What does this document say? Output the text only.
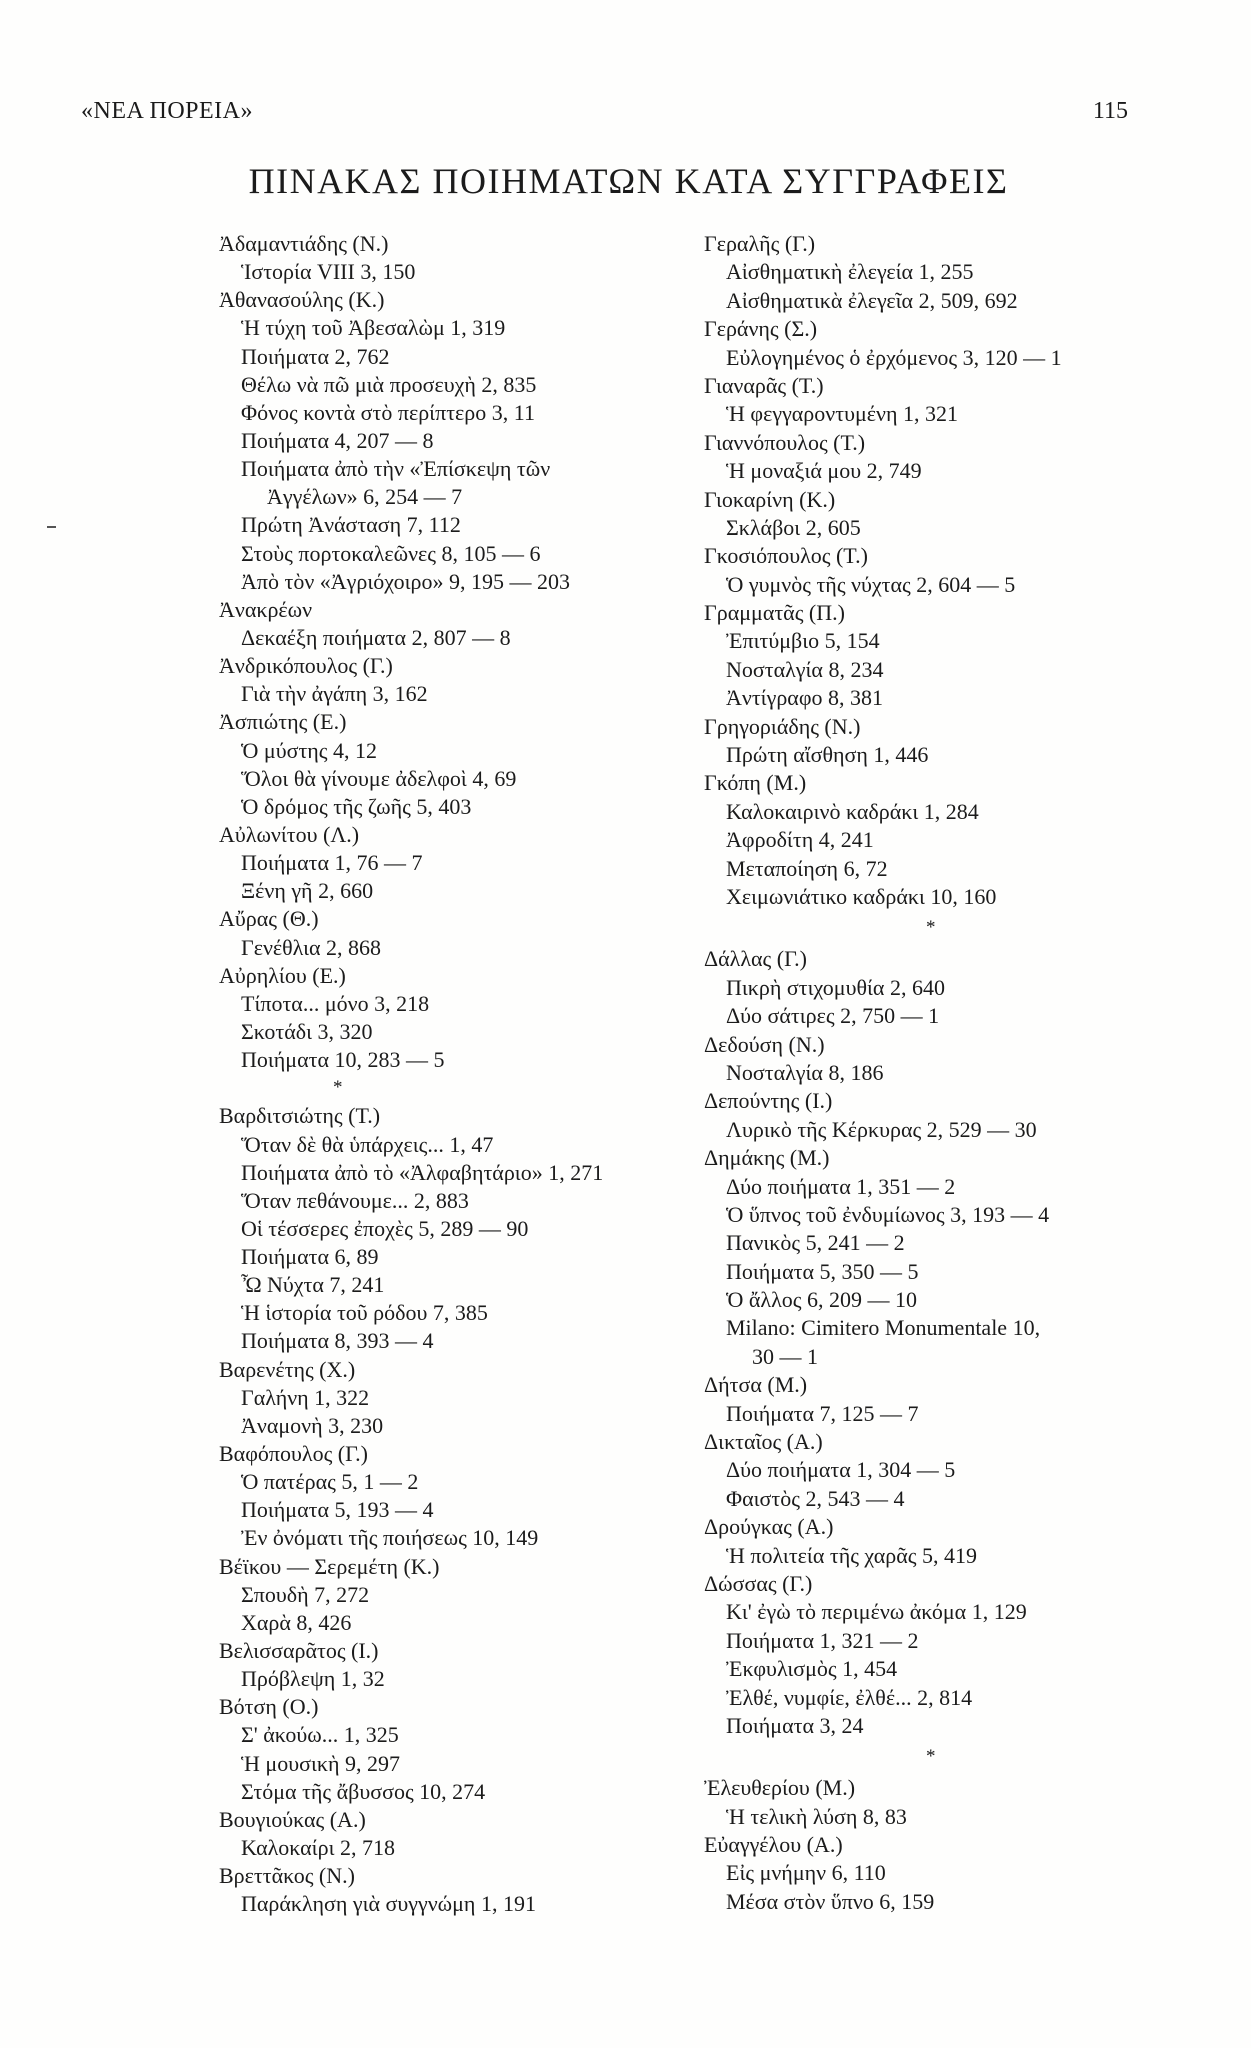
«ΝΕΑ ΠΟΡΕΙΑ»	115
ΠΙΝΑΚΑΣ ΠΟΙΗΜΑΤΩΝ ΚΑΤΑ ΣΥΓΓΡΑΦΕΙΣ
Ἀδαμαντιάδης (Ν.)
Ἱστορία VIII 3, 150
Ἀθανασούλης (Κ.)
Ἡ τύχη τοῦ Ἀβεσαλὼμ 1, 319
Ποιήματα 2, 762
Θέλω νὰ πῶ μιὰ προσευχὴ 2, 835
Φόνος κοντὰ στὸ περίπτερο 3, 11
Ποιήματα 4, 207 — 8
Ποιήματα ἀπὸ τὴν «Ἐπίσκεψη τῶν
Ἀγγέλων» 6, 254 — 7
Πρώτη Ἀνάσταση 7, 112
Στοὺς πορτοκαλεῶνες 8, 105 — 6
Ἀπὸ τὸν «Ἀγριόχοιρο» 9, 195 — 203
Ἀνακρέων
Δεκαέξη ποιήματα 2, 807 — 8
Ἀνδρικόπουλος (Γ.)
Γιὰ τὴν ἀγάπη 3, 162
Ἀσπιώτης (Ε.)
Ὁ μύστης 4, 12
Ὅλοι θὰ γίνουμε ἀδελφοὶ 4, 69
Ὁ δρόμος τῆς ζωῆς 5, 403
Αὐλωνίτου (Λ.)
Ποιήματα 1, 76 — 7
Ξένη γῆ 2, 660
Αὔρας (Θ.)
Γενέθλια 2, 868
Αὐρηλίου (Ε.)
Τίποτα... μόνο 3, 218
Σκοτάδι 3, 320
Ποιήματα 10, 283 — 5
*
Βαρδιτσιώτης (Τ.)
Ὅταν δὲ θὰ ὑπάρχεις... 1, 47
Ποιήματα ἀπὸ τὸ «Ἀλφαβητάριο» 1, 271
Ὅταν πεθάνουμε... 2, 883
Οἱ τέσσερες ἐποχὲς 5, 289 — 90
Ποιήματα 6, 89
Ὦ Νύχτα 7, 241
Ἡ ἱστορία τοῦ ρόδου 7, 385
Ποιήματα 8, 393 — 4
Βαρενέτης (Χ.)
Γαλήνη 1, 322
Ἀναμονὴ 3, 230
Βαφόπουλος (Γ.)
Ὁ πατέρας 5, 1 — 2
Ποιήματα 5, 193 — 4
Ἐν ὀνόματι τῆς ποιήσεως 10, 149
Βέϊκου — Σερεμέτη (Κ.)
Σπουδὴ 7, 272
Χαρὰ 8, 426
Βελισσαρᾶτος (Ι.)
Πρόβλεψη 1, 32
Βότση (Ο.)
Σ' ἀκούω... 1, 325
Ἡ μουσικὴ 9, 297
Στόμα τῆς ἄβυσσος 10, 274
Βουγιούκας (Α.)
Καλοκαίρι 2, 718
Βρεττᾶκος (Ν.)
Παράκληση γιὰ συγγνώμη 1, 191
Γεραλῆς (Γ.)
Αἰσθηματικὴ ἐλεγεία 1, 255
Αἰσθηματικὰ ἐλεγεῖα 2, 509, 692
Γεράνης (Σ.)
Εὐλογημένος ὁ ἐρχόμενος 3, 120 — 1
Γιαναρᾶς (Τ.)
Ἡ φεγγαροντυμένη 1, 321
Γιαννόπουλος (Τ.)
Ἡ μοναξιά μου 2, 749
Γιοκαρίνη (Κ.)
Σκλάβοι 2, 605
Γκοσιόπουλος (Τ.)
Ὁ γυμνὸς τῆς νύχτας 2, 604 — 5
Γραμματᾶς (Π.)
Ἐπιτύμβιο 5, 154
Νοσταλγία 8, 234
Ἀντίγραφο 8, 381
Γρηγοριάδης (Ν.)
Πρώτη αἴσθηση 1, 446
Γκόπη (Μ.)
Καλοκαιρινὸ καδράκι 1, 284
Ἀφροδίτη 4, 241
Μεταποίηση 6, 72
Χειμωνιάτικο καδράκι 10, 160
*
Δάλλας (Γ.)
Πικρὴ στιχομυθία 2, 640
Δύο σάτιρες 2, 750 — 1
Δεδούση (Ν.)
Νοσταλγία 8, 186
Δεπούντης (Ι.)
Λυρικὸ τῆς Κέρκυρας 2, 529 — 30
Δημάκης (Μ.)
Δύο ποιήματα 1, 351 — 2
Ὁ ὕπνος τοῦ ἐνδυμίωνος 3, 193 — 4
Πανικὸς 5, 241 — 2
Ποιήματα 5, 350 — 5
Ὁ ἄλλος 6, 209 — 10
Milano: Cimitero Monumentale 10,
30 — 1
Δήτσα (Μ.)
Ποιήματα 7, 125 — 7
Δικταῖος (Α.)
Δύο ποιήματα 1, 304 — 5
Φαιστὸς 2, 543 — 4
Δρούγκας (Α.)
Ἡ πολιτεία τῆς χαρᾶς 5, 419
Δώσσας (Γ.)
Κι' ἐγὼ τὸ περιμένω ἀκόμα 1, 129
Ποιήματα 1, 321 — 2
Ἐκφυλισμὸς 1, 454
Ἐλθέ, νυμφίε, ἐλθέ... 2, 814
Ποιήματα 3, 24
*
Ἐλευθερίου (Μ.)
Ἡ τελικὴ λύση 8, 83
Εὐαγγέλου (Α.)
Εἰς μνήμην 6, 110
Μέσα στὸν ὕπνο 6, 159
